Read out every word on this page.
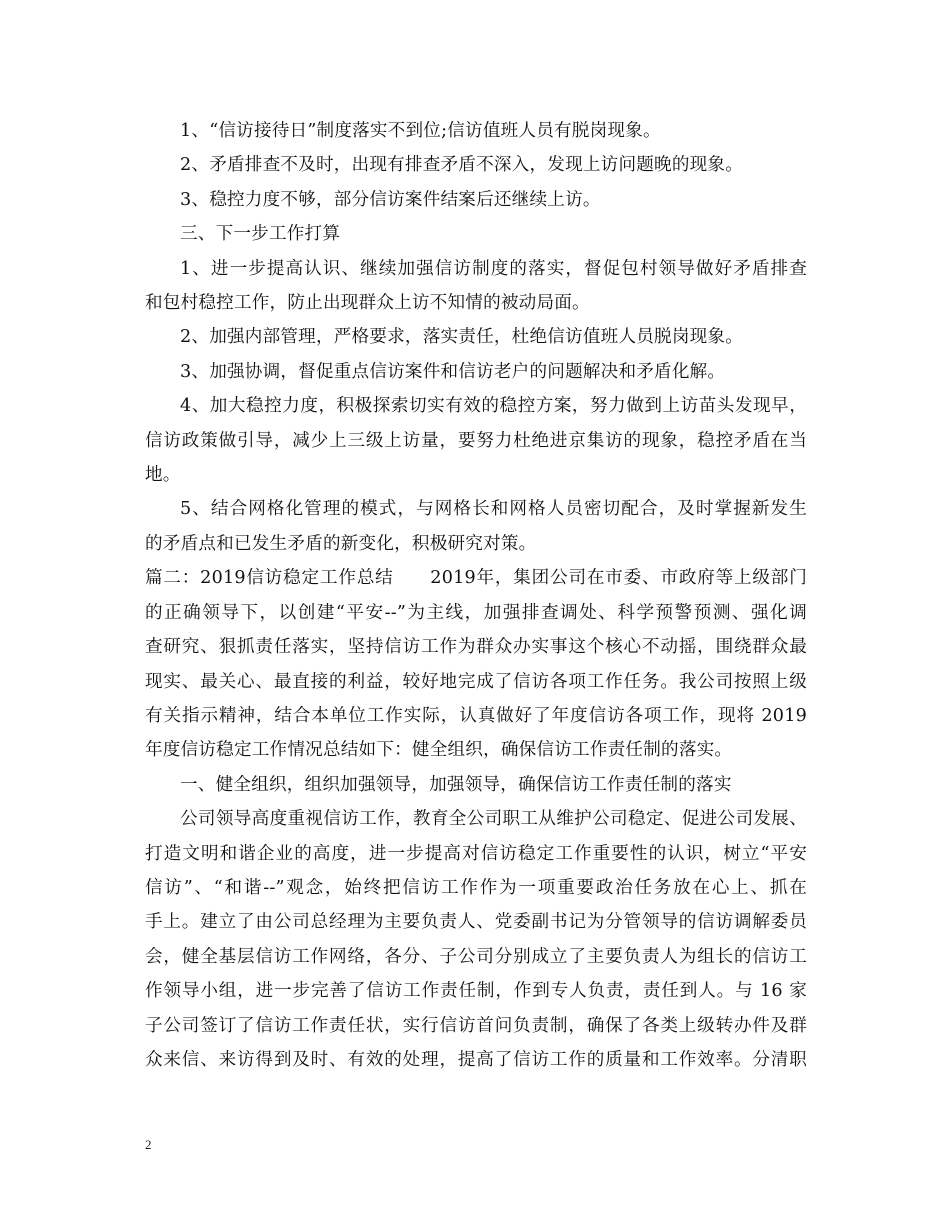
1、“信访接待日”制度落实不到位;信访值班人员有脱岗现象。

2、矛盾排查不及时，出现有排查矛盾不深入，发现上访问题晚的现象。

3、稳控力度不够，部分信访案件结案后还继续上访。

三、下一步工作打算

1、进一步提高认识、继续加强信访制度的落实，督促包村领导做好矛盾排查

和包村稳控工作，防止出现群众上访不知情的被动局面。

2、加强内部管理，严格要求，落实责任，杜绝信访值班人员脱岗现象。

3、加强协调，督促重点信访案件和信访老户的问题解决和矛盾化解。

4、加大稳控力度，积极探索切实有效的稳控方案，努力做到上访苗头发现早，

信访政策做引导，减少上三级上访量，要努力杜绝进京集访的现象，稳控矛盾在当

地。

5、结合网格化管理的模式，与网格长和网格人员密切配合，及时掌握新发生

的矛盾点和已发生矛盾的新变化，积极研究对策。

篇二：2019信访稳定工作总结　　2019年，集团公司在市委、市政府等上级部门

的正确领导下，以创建“平安--”为主线，加强排查调处、科学预警预测、强化调

查研究、狠抓责任落实，坚持信访工作为群众办实事这个核心不动摇，围绕群众最

现实、最关心、最直接的利益，较好地完成了信访各项工作任务。我公司按照上级

有关指示精神，结合本单位工作实际，认真做好了年度信访各项工作，现将 2019

年度信访稳定工作情况总结如下：健全组织，确保信访工作责任制的落实。

一、健全组织，组织加强领导，加强领导，确保信访工作责任制的落实

公司领导高度重视信访工作，教育全公司职工从维护公司稳定、促进公司发展、

打造文明和谐企业的高度，进一步提高对信访稳定工作重要性的认识，树立“平安

信访”、“和谐--”观念，始终把信访工作作为一项重要政治任务放在心上、抓在

手上。建立了由公司总经理为主要负责人、党委副书记为分管领导的信访调解委员

会，健全基层信访工作网络，各分、子公司分别成立了主要负责人为组长的信访工

作领导小组，进一步完善了信访工作责任制，作到专人负责，责任到人。与 16 家

子公司签订了信访工作责任状，实行信访首问负责制，确保了各类上级转办件及群

众来信、来访得到及时、有效的处理，提高了信访工作的质量和工作效率。分清职

2
